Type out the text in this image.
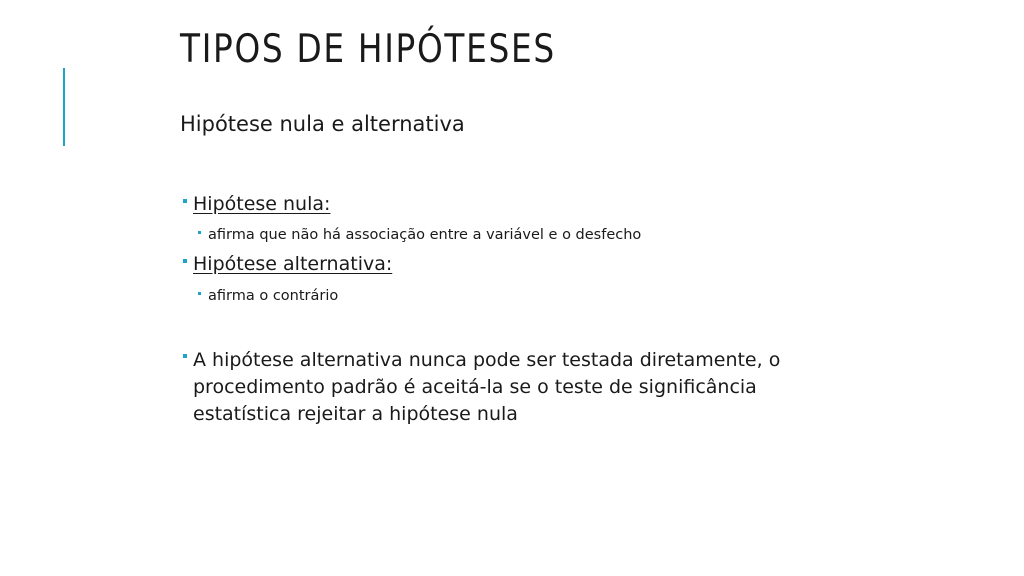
TIPOS DE HIPÓTESES
Hipótese nula e alternativa
Hipótese nula:
afirma que não há associação entre a variável e o desfecho
Hipótese alternativa:
afirma o contrário
A hipótese alternativa nunca pode ser testada diretamente, o procedimento padrão é aceitá-la se o teste de significância estatística rejeitar a hipótese nula
